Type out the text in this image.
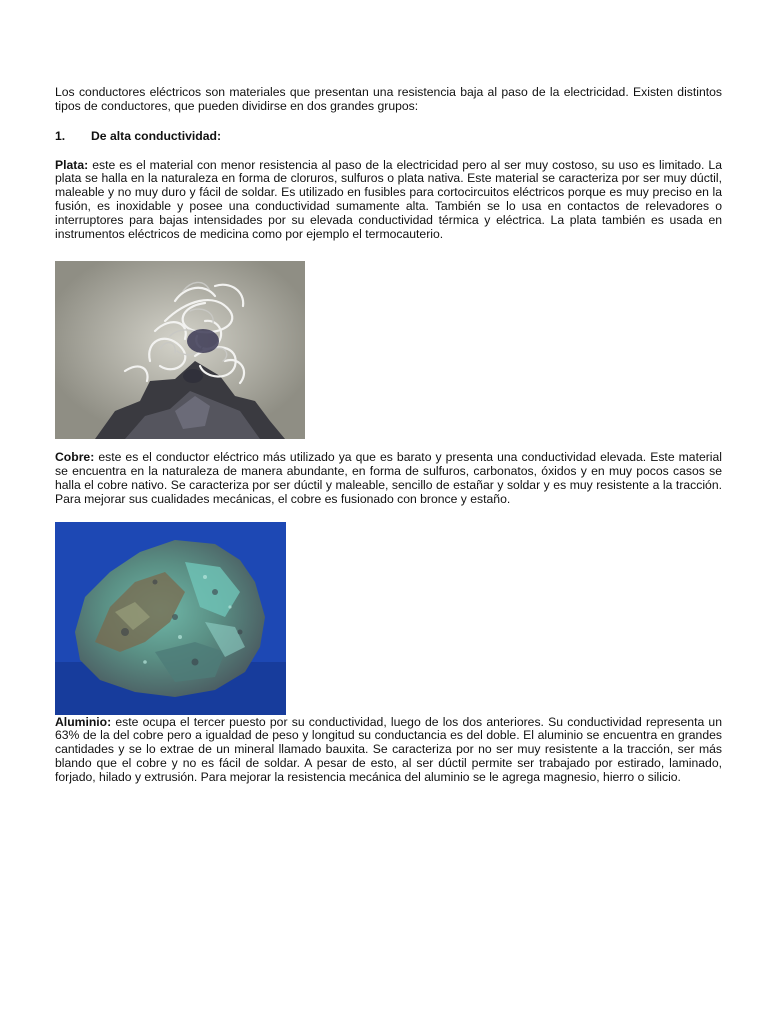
Los conductores eléctricos son materiales que presentan una resistencia baja al paso de la electricidad. Existen distintos tipos de conductores, que pueden dividirse en dos grandes grupos:

1.	De alta conductividad:

Plata: este es el material con menor resistencia al paso de la electricidad pero al ser muy costoso, su uso es limitado. La plata se halla en la naturaleza en forma de cloruros, sulfuros o plata nativa. Este material se caracteriza por ser muy dúctil, maleable y no muy duro y fácil de soldar. Es utilizado en fusibles para cortocircuitos eléctricos porque es muy preciso en la fusión, es inoxidable y posee una conductividad sumamente alta. También se lo usa en contactos de relevadores o interruptores para bajas intensidades por su elevada conductividad térmica y eléctrica. La plata también es usada en instrumentos eléctricos de medicina como por ejemplo el termocauterio.

Cobre: este es el conductor eléctrico más utilizado ya que es barato y presenta una conductividad elevada. Este material se encuentra en la naturaleza de manera abundante, en forma de sulfuros, carbonatos, óxidos y en muy pocos casos se halla el cobre nativo. Se caracteriza por ser dúctil y maleable, sencillo de estañar y soldar y es muy resistente a la tracción. Para mejorar sus cualidades mecánicas, el cobre es fusionado con bronce y estaño.

Aluminio: este ocupa el tercer puesto por su conductividad, luego de los dos anteriores. Su conductividad representa un 63% de la del cobre pero a igualdad de peso y longitud su conductancia es del doble. El aluminio se encuentra en grandes cantidades y se lo extrae de un mineral llamado bauxita. Se caracteriza por no ser muy resistente a la tracción, ser más blando que el cobre y no es fácil de soldar. A pesar de esto, al ser dúctil permite ser trabajado por estirado, laminado, forjado, hilado y extrusión. Para mejorar la resistencia mecánica del aluminio se le agrega magnesio, hierro o silicio.
